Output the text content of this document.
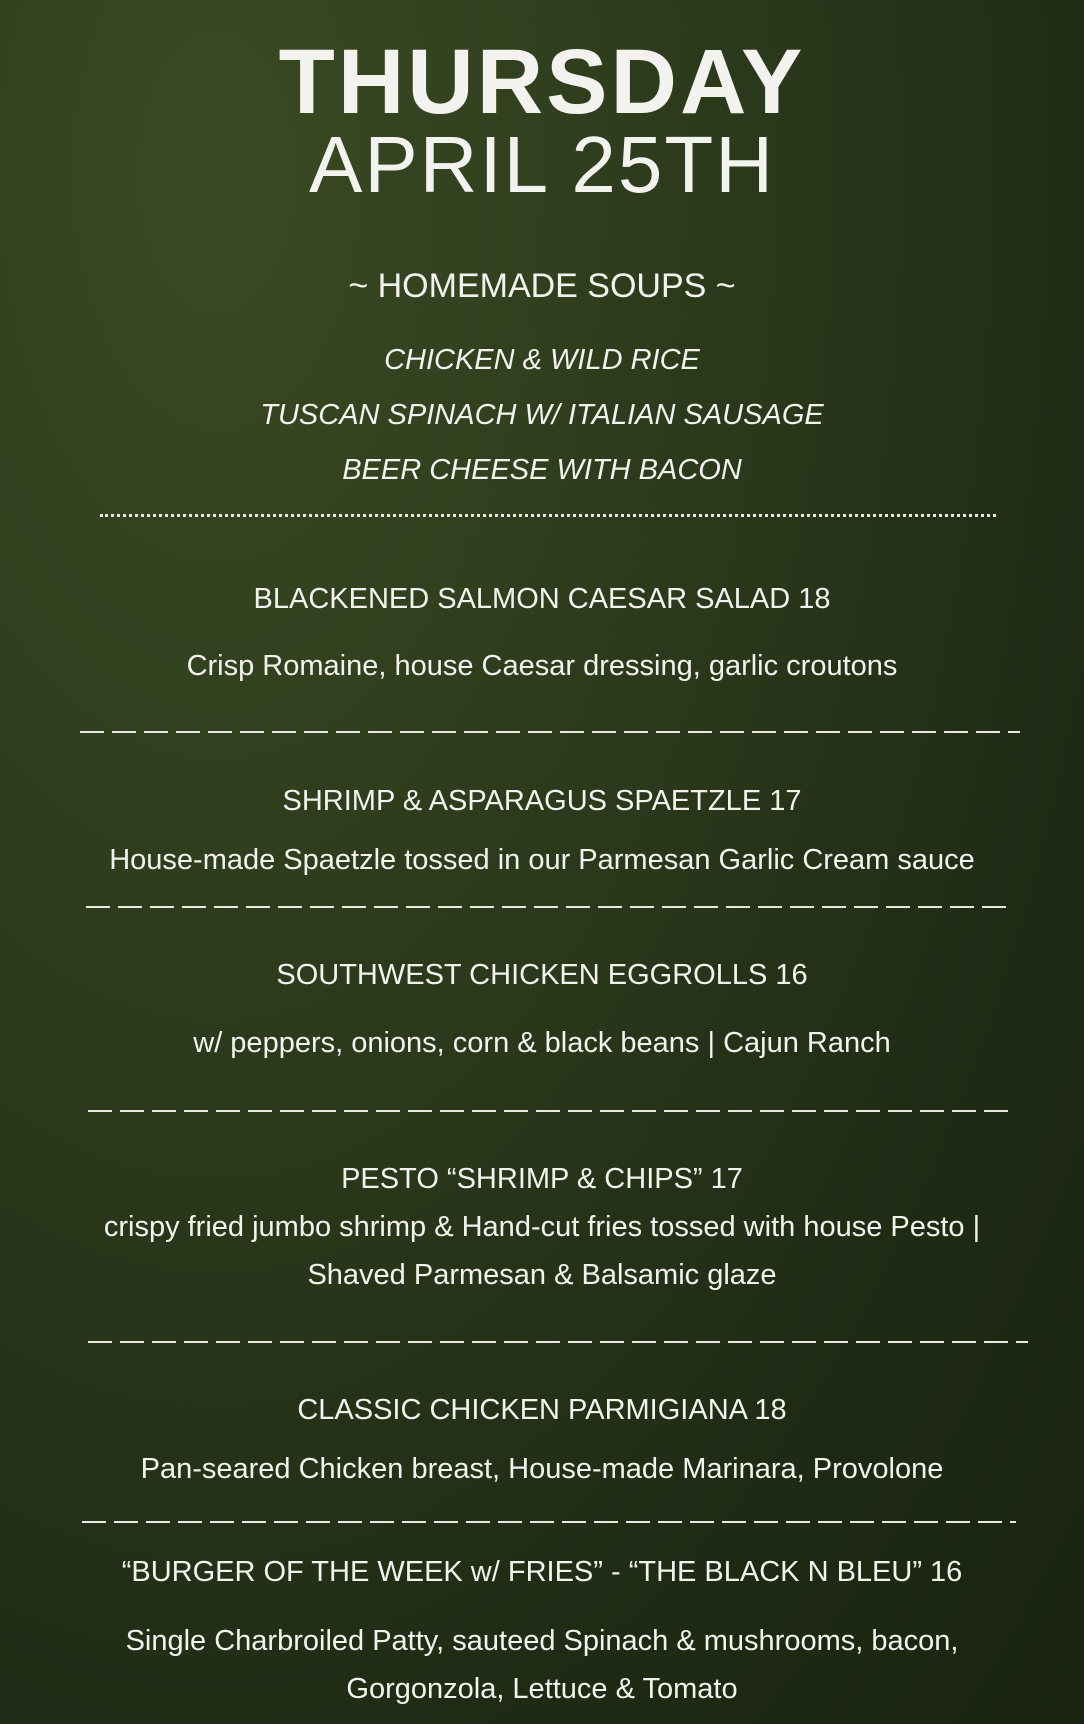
THURSDAY
APRIL 25TH
~ HOMEMADE SOUPS ~
CHICKEN & WILD RICE
TUSCAN SPINACH W/ ITALIAN SAUSAGE
BEER CHEESE WITH BACON
BLACKENED SALMON CAESAR SALAD 18
Crisp Romaine, house Caesar dressing, garlic croutons
SHRIMP & ASPARAGUS SPAETZLE 17
House-made Spaetzle tossed in our Parmesan Garlic Cream sauce
SOUTHWEST CHICKEN EGGROLLS 16
w/ peppers, onions, corn & black beans | Cajun Ranch
PESTO “SHRIMP & CHIPS” 17
crispy fried jumbo shrimp & Hand-cut fries tossed with house Pesto |
Shaved Parmesan & Balsamic glaze
CLASSIC CHICKEN PARMIGIANA 18
Pan-seared Chicken breast, House-made Marinara, Provolone
“BURGER OF THE WEEK w/ FRIES” - “THE BLACK N BLEU” 16
Single Charbroiled Patty, sauteed Spinach & mushrooms, bacon,
Gorgonzola, Lettuce & Tomato
